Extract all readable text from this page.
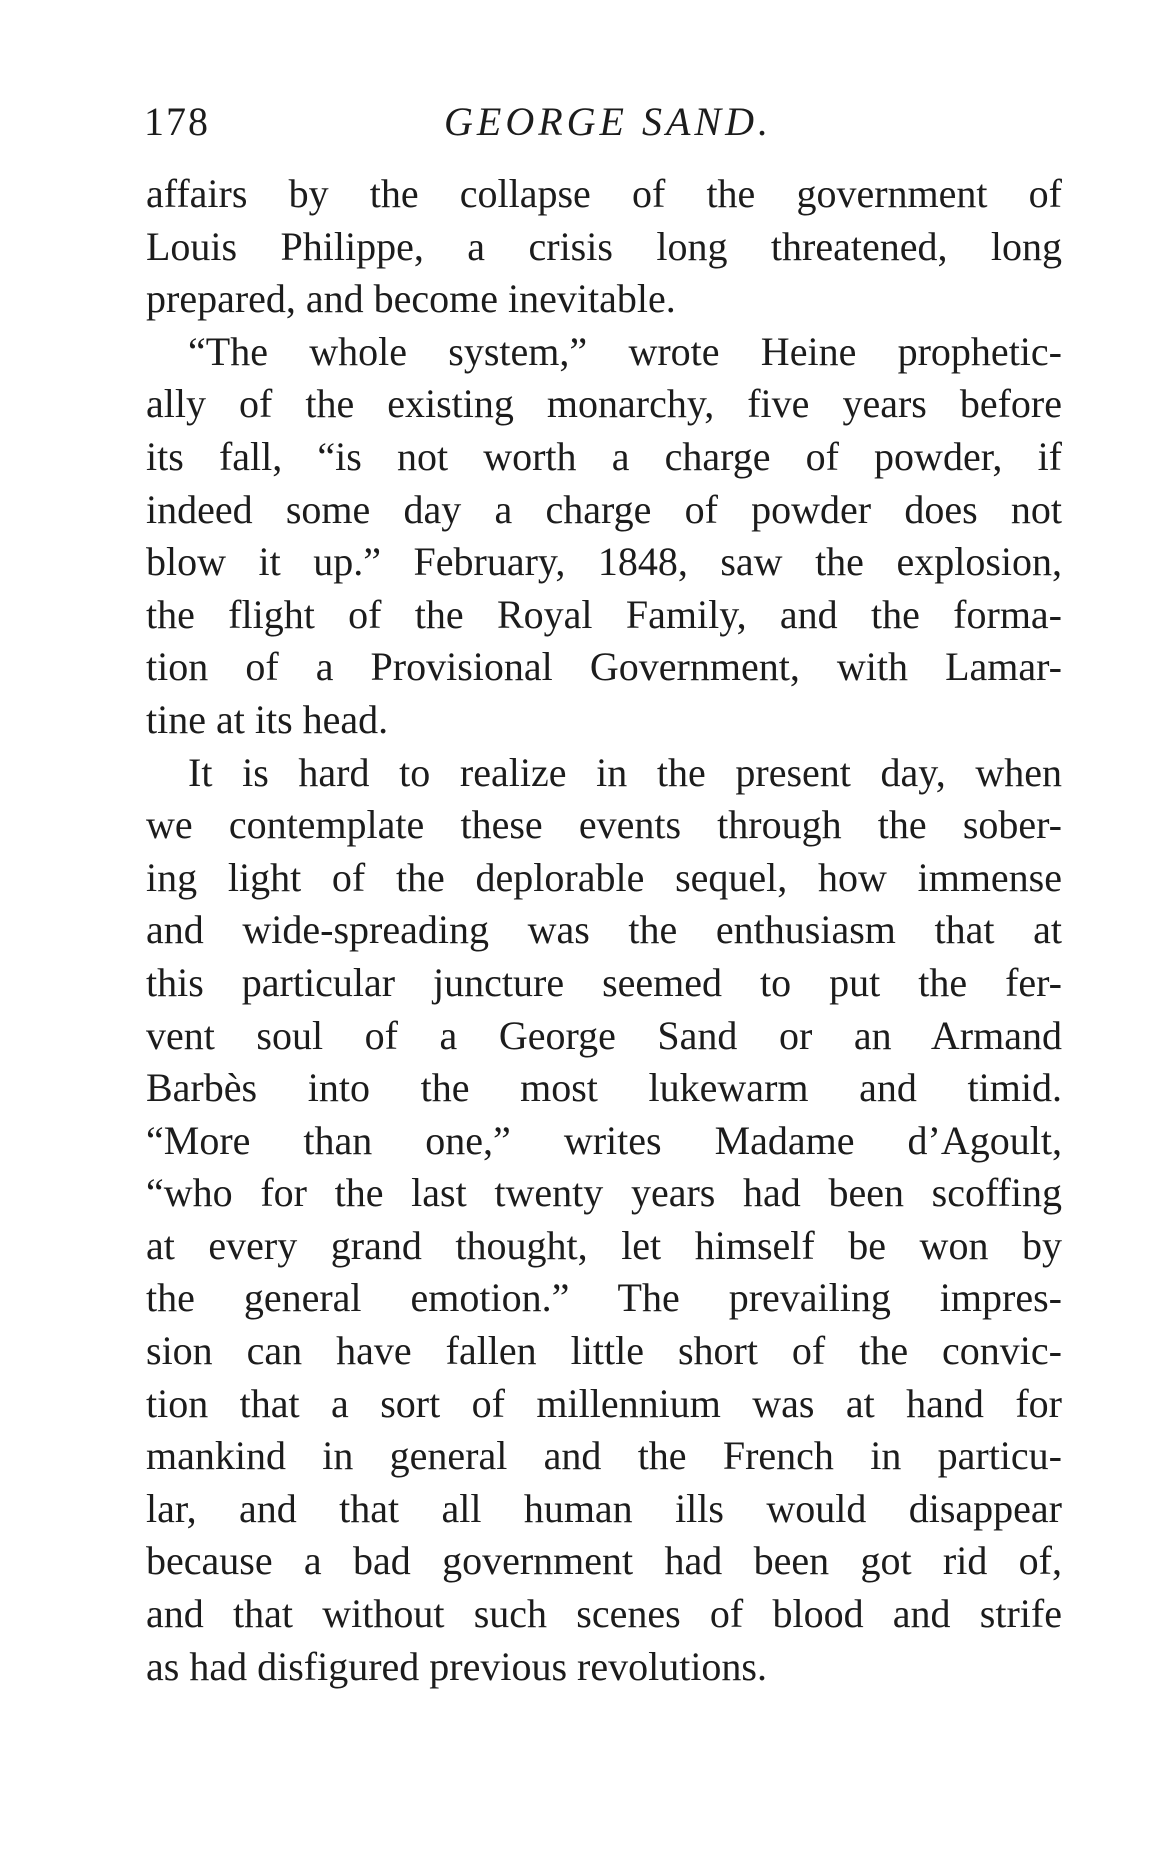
178	GEORGE SAND.
affairs by the collapse of the government of
Louis Philippe, a crisis long threatened, long
prepared, and become inevitable.
“The whole system,” wrote Heine prophetic-
ally of the existing monarchy, five years before
its fall, “is not worth a charge of powder, if
indeed some day a charge of powder does not
blow it up.” February, 1848, saw the explosion,
the flight of the Royal Family, and the forma-
tion of a Provisional Government, with Lamar-
tine at its head.
It is hard to realize in the present day, when
we contemplate these events through the sober-
ing light of the deplorable sequel, how immense
and wide-spreading was the enthusiasm that at
this particular juncture seemed to put the fer-
vent soul of a George Sand or an Armand
Barbès into the most lukewarm and timid.
“More than one,” writes Madame d’Agoult,
“who for the last twenty years had been scoffing
at every grand thought, let himself be won by
the general emotion.” The prevailing impres-
sion can have fallen little short of the convic-
tion that a sort of millennium was at hand for
mankind in general and the French in particu-
lar, and that all human ills would disappear
because a bad government had been got rid of,
and that without such scenes of blood and strife
as had disfigured previous revolutions.
